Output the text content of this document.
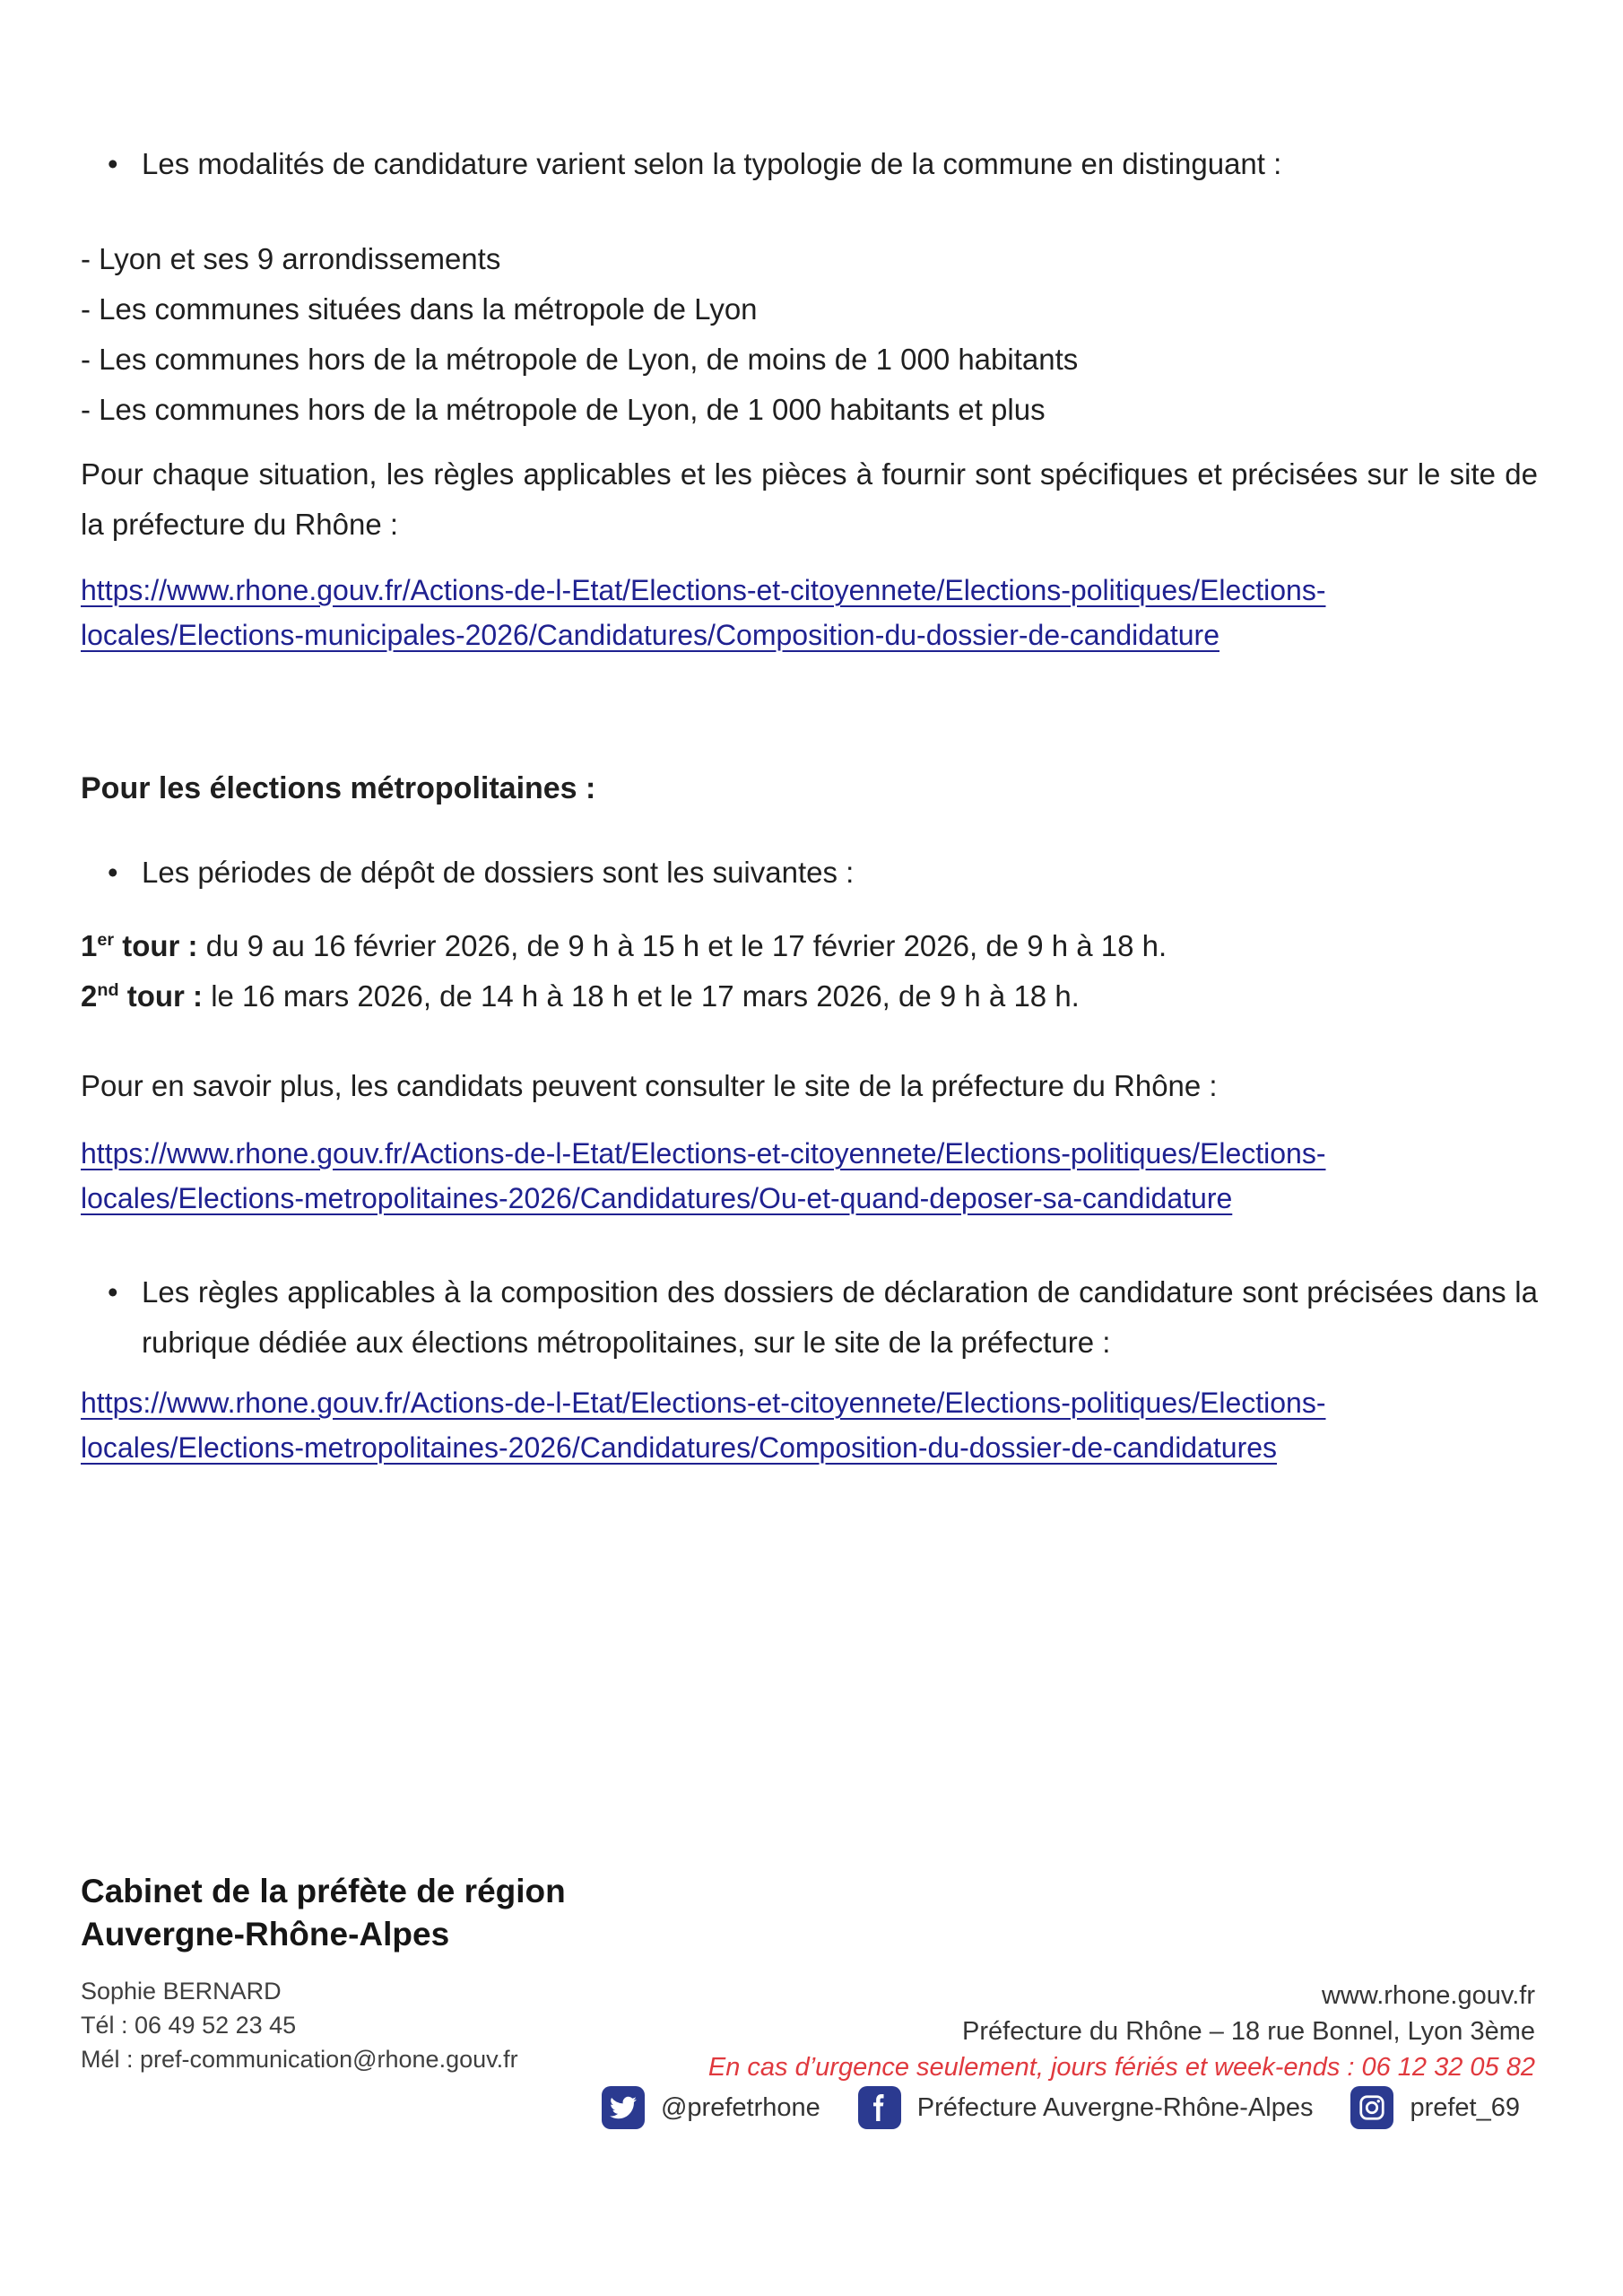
• Les modalités de candidature varient selon la typologie de la commune en distinguant :
- Lyon et ses 9 arrondissements
- Les communes situées dans la métropole de Lyon
- Les communes hors de la métropole de Lyon, de moins de 1 000 habitants
- Les communes hors de la métropole de Lyon, de 1 000 habitants et plus

Pour chaque situation, les règles applicables et les pièces à fournir sont spécifiques et précisées sur le site de la préfecture du Rhône :

https://www.rhone.gouv.fr/Actions-de-l-Etat/Elections-et-citoyennete/Elections-politiques/Elections-
locales/Elections-municipales-2026/Candidatures/Composition-du-dossier-de-candidature

Pour les élections métropolitaines :

• Les périodes de dépôt de dossiers sont les suivantes :

1er tour : du 9 au 16 février 2026, de 9 h à 15 h et le 17 février 2026, de 9 h à 18 h.

2nd tour : le 16 mars 2026, de 14 h à 18 h et le 17 mars 2026, de 9 h à 18 h.

Pour en savoir plus, les candidats peuvent consulter le site de la préfecture du Rhône :

https://www.rhone.gouv.fr/Actions-de-l-Etat/Elections-et-citoyennete/Elections-politiques/Elections-
locales/Elections-metropolitaines-2026/Candidatures/Ou-et-quand-deposer-sa-candidature
• Les règles applicables à la composition des dossiers de déclaration de candidature sont précisées dans la rubrique dédiée aux élections métropolitaines, sur le site de la préfecture :
https://www.rhone.gouv.fr/Actions-de-l-Etat/Elections-et-citoyennete/Elections-politiques/Elections-
locales/Elections-metropolitaines-2026/Candidatures/Composition-du-dossier-de-candidatures
Cabinet de la préfète de région
Auvergne-Rhône-Alpes
Sophie BERNARD
Tél : 06 49 52 23 45
Mél : pref-communication@rhone.gouv.fr
www.rhone.gouv.fr
Préfecture du Rhône – 18 rue Bonnel, Lyon 3ème
En cas d’urgence seulement, jours fériés et week-ends : 06 12 32 05 82
@prefetrhone	Préfecture Auvergne-Rhône-Alpes	prefet_69
